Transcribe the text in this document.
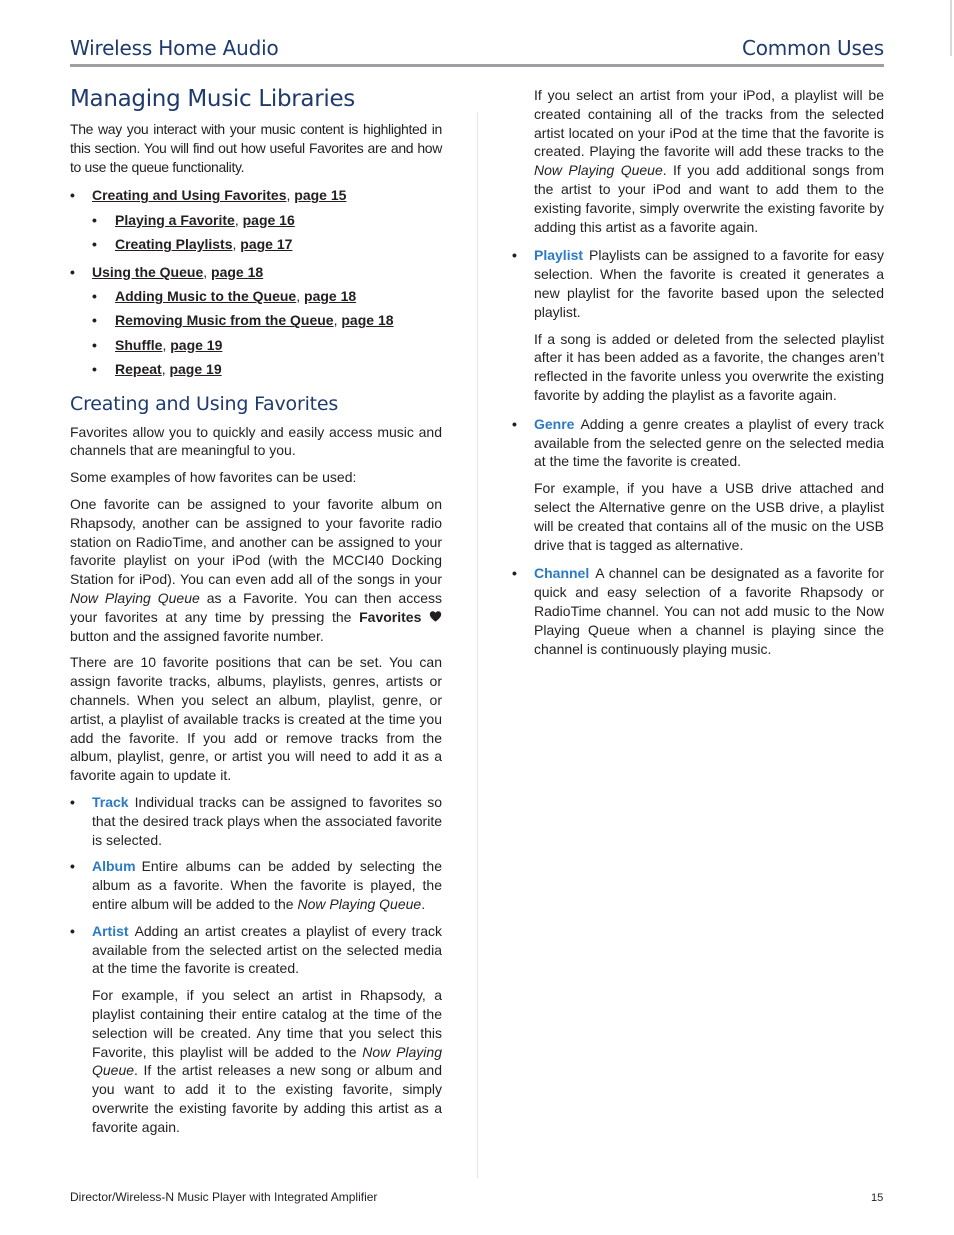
Wireless Home Audio	Common Uses
Managing Music Libraries

The way you interact with your music content is highlighted in this section. You will find out how useful Favorites are and how to use the queue functionality.

• Creating and Using Favorites, page 15
• Playing a Favorite, page 16
• Creating Playlists, page 17
• Using the Queue, page 18
• Adding Music to the Queue, page 18
• Removing Music from the Queue, page 18
• Shuffle, page 19
• Repeat, page 19
Creating and Using Favorites

Favorites allow you to quickly and easily access music and channels that are meaningful to you.

Some examples of how favorites can be used:

One favorite can be assigned to your favorite album on Rhapsody, another can be assigned to your favorite radio station on RadioTime, and another can be assigned to your favorite playlist on your iPod (with the MCCI40 Docking Station for iPod). You can even add all of the songs in your Now Playing Queue as a Favorite. You can then access your favorites at any time by pressing the Favorites  button and the assigned favorite number.

There are 10 favorite positions that can be set. You can assign favorite tracks, albums, playlists, genres, artists or channels. When you select an album, playlist, genre, or artist, a playlist of available tracks is created at the time you add the favorite. If you add or remove tracks from the album, playlist, genre, or artist you will need to add it as a favorite again to update it.

• Track Individual tracks can be assigned to favorites so that the desired track plays when the associated favorite is selected.

• Album Entire albums can be added by selecting the album as a favorite. When the favorite is played, the entire album will be added to the Now Playing Queue.

• Artist Adding an artist creates a playlist of every track available from the selected artist on the selected media at the time the favorite is created.

For example, if you select an artist in Rhapsody, a playlist containing their entire catalog at the time of the selection will be created. Any time that you select this Favorite, this playlist will be added to the Now Playing Queue. If the artist releases a new song or album and you want to add it to the existing favorite, simply overwrite the existing favorite by adding this artist as a favorite again.

If you select an artist from your iPod, a playlist will be created containing all of the tracks from the selected artist located on your iPod at the time that the favorite is created. Playing the favorite will add these tracks to the Now Playing Queue. If you add additional songs from the artist to your iPod and want to add them to the existing favorite, simply overwrite the existing favorite by adding this artist as a favorite again.

• Playlist Playlists can be assigned to a favorite for easy selection. When the favorite is created it generates a new playlist for the favorite based upon the selected playlist.

If a song is added or deleted from the selected playlist after it has been added as a favorite, the changes aren’t reflected in the favorite unless you overwrite the existing favorite by adding the playlist as a favorite again.

• Genre Adding a genre creates a playlist of every track available from the selected genre on the selected media at the time the favorite is created.

For example, if you have a USB drive attached and select the Alternative genre on the USB drive, a playlist will be created that contains all of the music on the USB drive that is tagged as alternative.

• Channel A channel can be designated as a favorite for quick and easy selection of a favorite Rhapsody or RadioTime channel. You can not add music to the Now Playing Queue when a channel is playing since the channel is continuously playing music.

Director/Wireless-N Music Player with Integrated Amplifier	15
